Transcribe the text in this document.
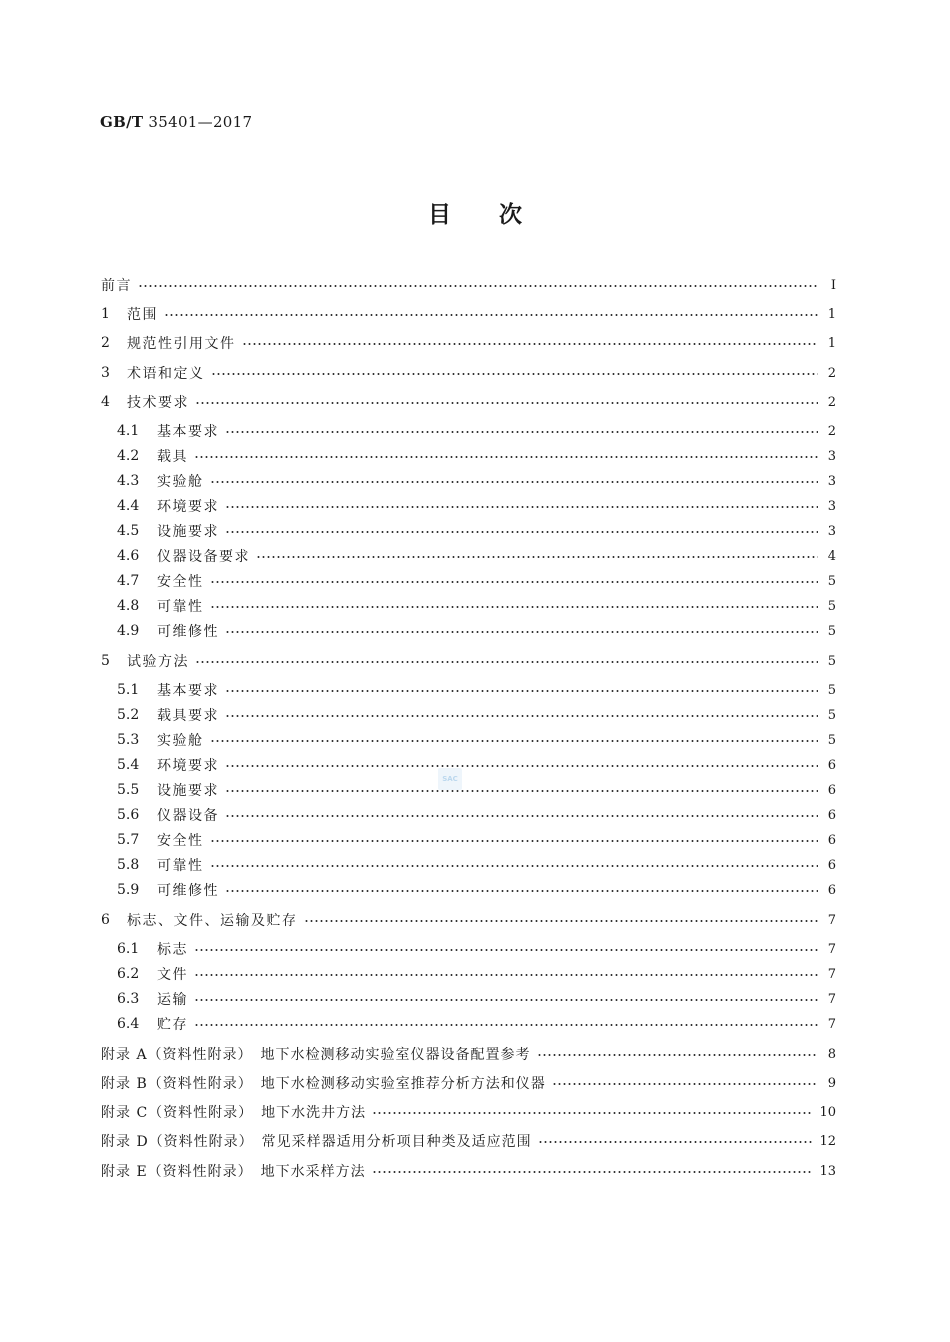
GB/T 35401—2017
目次
前言	Ⅰ
1	范围	1
2	规范性引用文件	1
3	术语和定义	2
4	技术要求	2
4.1	基本要求	2
4.2	载具	3
4.3	实验舱	3
4.4	环境要求	3
4.5	设施要求	3
4.6	仪器设备要求	4
4.7	安全性	5
4.8	可靠性	5
4.9	可维修性	5
5	试验方法	5
5.1	基本要求	5
5.2	载具要求	5
5.3	实验舱	5
5.4	环境要求	6
5.5	设施要求	6
5.6	仪器设备	6
5.7	安全性	6
5.8	可靠性	6
5.9	可维修性	6
6	标志、文件、运输及贮存	7
6.1	标志	7
6.2	文件	7
6.3	运输	7
6.4	贮存	7
附录 A（资料性附录）　地下水检测移动实验室仪器设备配置参考	8
附录 B（资料性附录）　地下水检测移动实验室推荐分析方法和仪器	9
附录 C（资料性附录）　地下水洗井方法	10
附录 D（资料性附录）　常见采样器适用分析项目种类及适应范围	12
附录 E（资料性附录）　地下水采样方法	13
SAC
